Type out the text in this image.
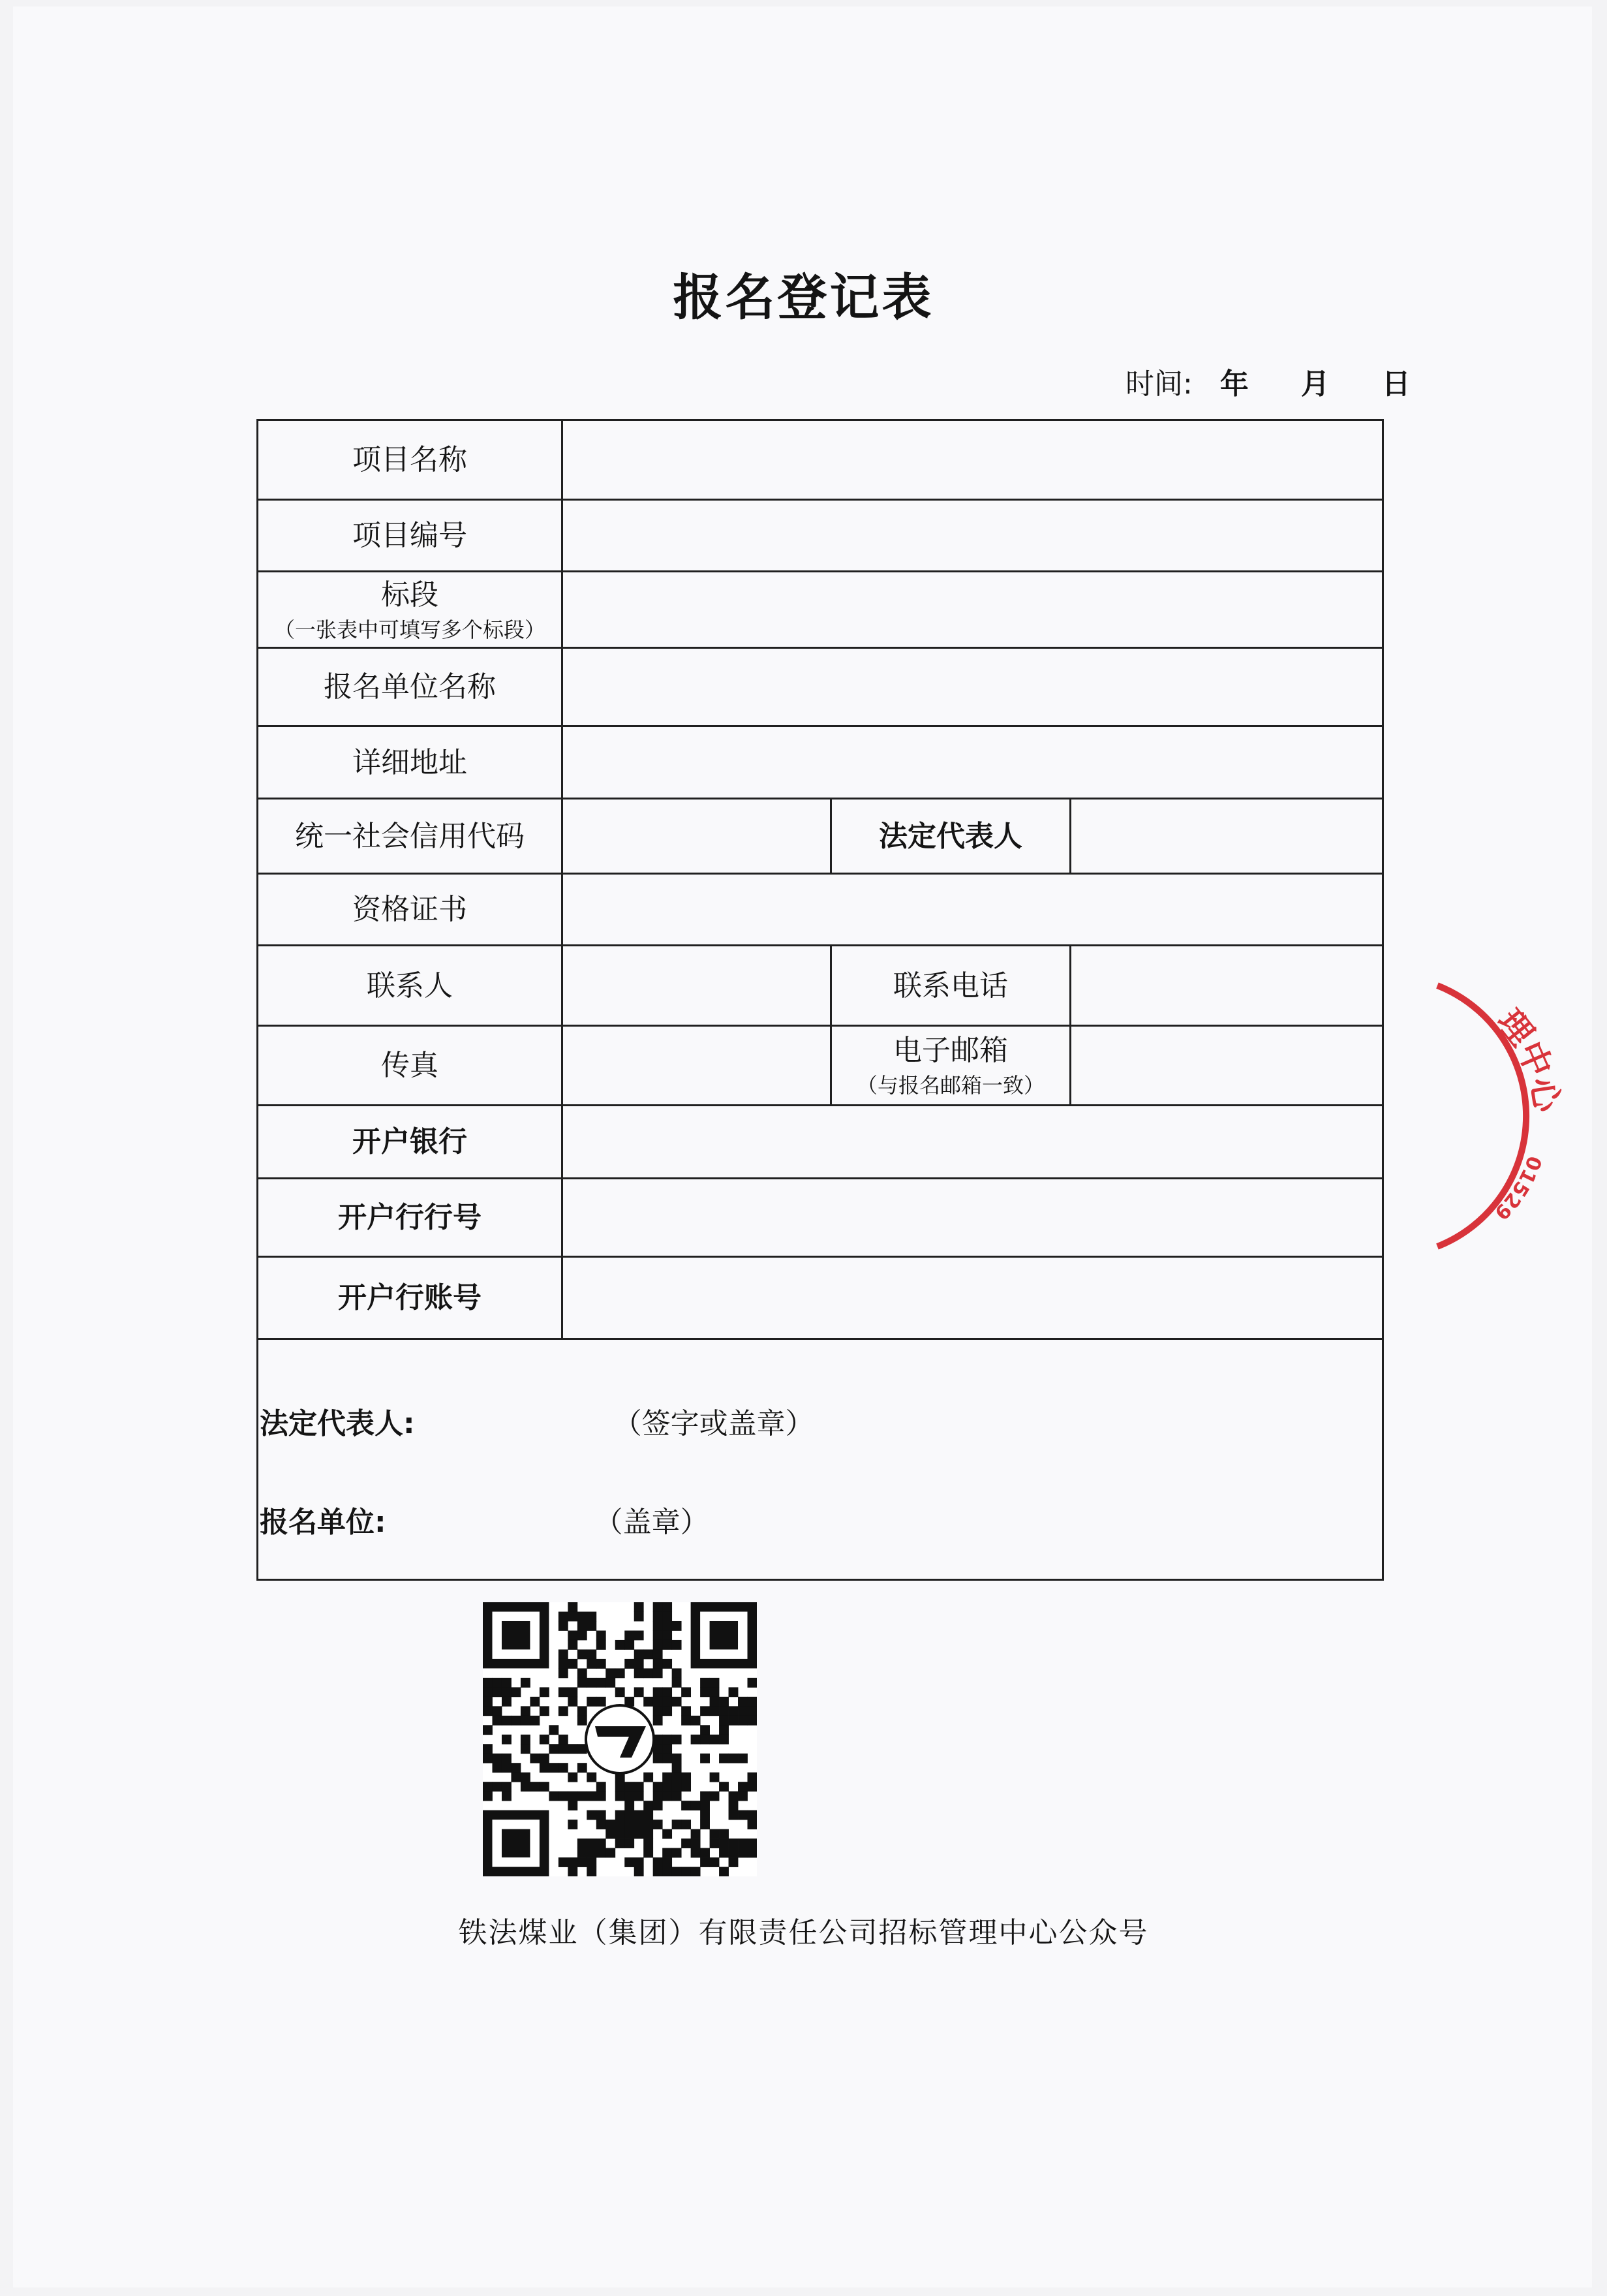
报名登记表
时间: 年 月 日
项目名称			
项目编号			
标段
（一张表中可填写多个标段）			

报名单位名称			
详细地址			
统一社会信用代码		法定代表人	
资格证书			
联系人		联系电话	
传真		电子邮箱
（与报名邮箱一致）	

开户银行			
开户行行号			
开户行账号			

法定代表人: （签字或盖章）
报名单位: （盖章）			
铁法煤业（集团）有限责任公司招标管理中心公众号
理中心
01529
